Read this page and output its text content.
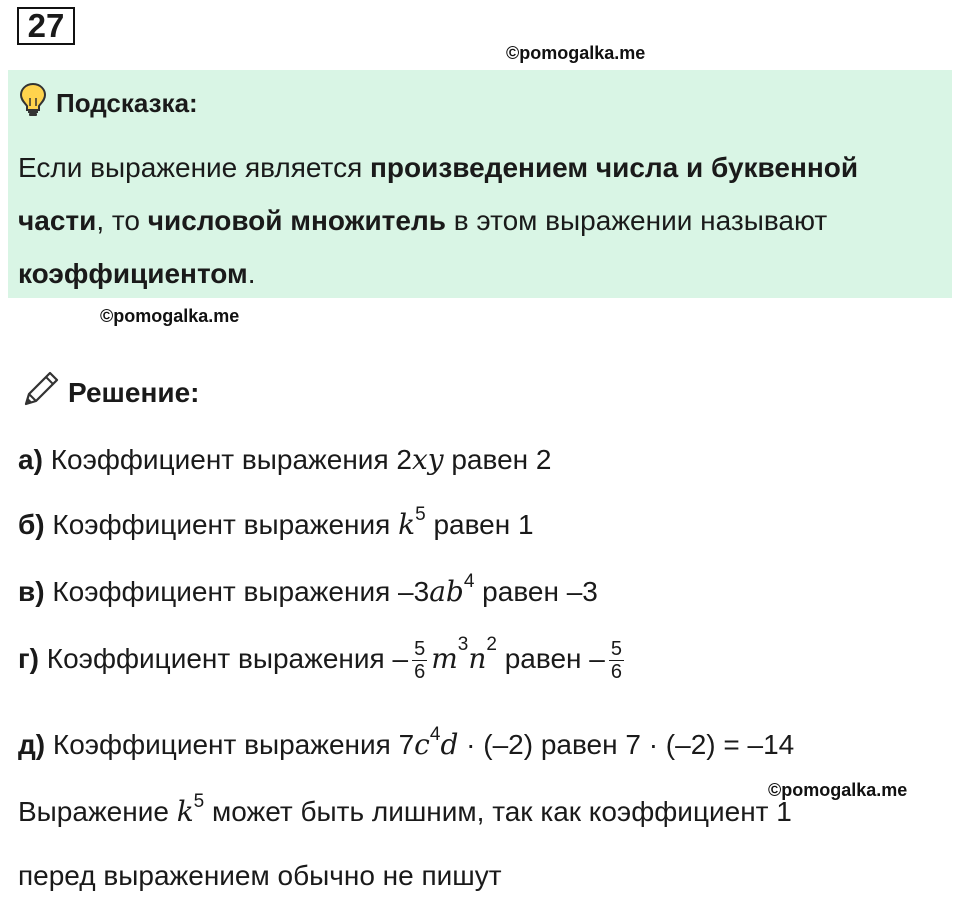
27
©pomogalka.me
Подсказка:
Если выражение является произведением числа и буквенной части, то числовой множитель в этом выражении называют коэффициентом.
©pomogalka.me
Решение:
а) Коэффициент выражения 2xy равен 2
б) Коэффициент выражения $k^5$ равен 1
в) Коэффициент выражения $-3ab^4$ равен –3
г) Коэффициент выражения – $\frac{5}{6} m^3n^2$ равен – $\frac{5}{6}$
д) Коэффициент выражения $7c^4d \cdot (-2)$ равен 7 · (–2) = –14
©pomogalka.me
Выражение $k^5$ может быть лишним, так как коэффициент 1
перед выражением обычно не пишут
